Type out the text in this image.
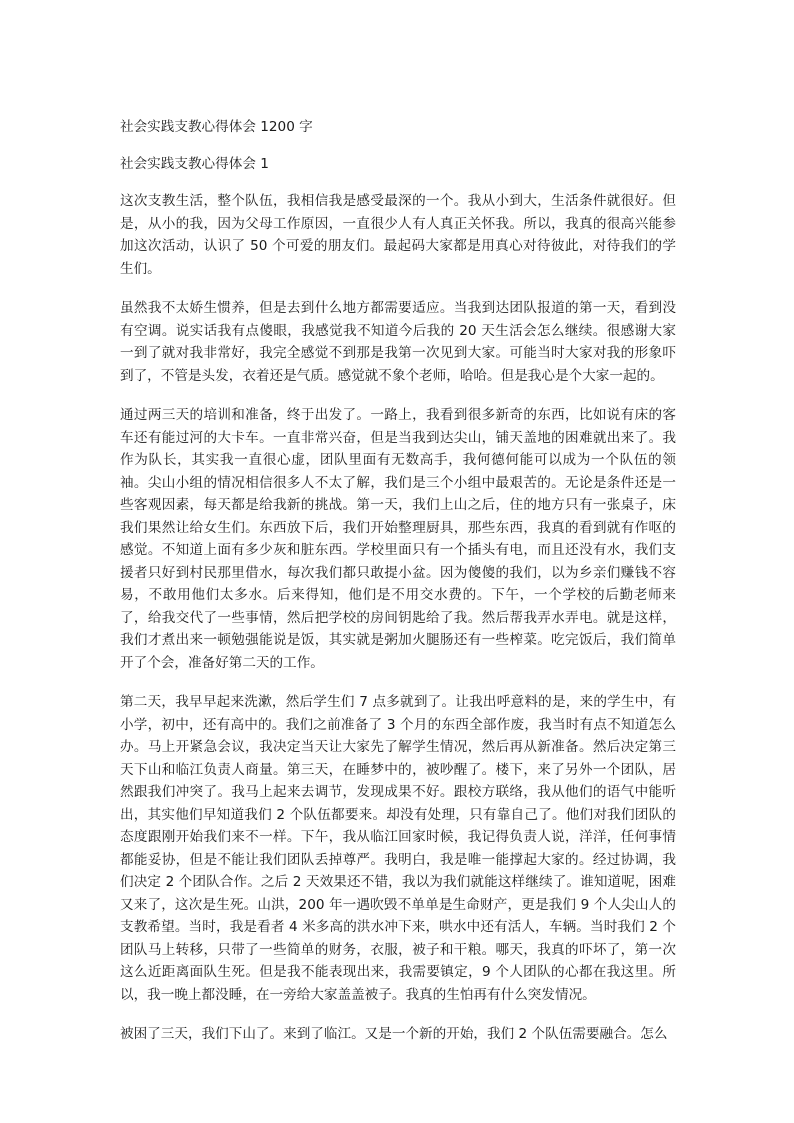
社会实践支教心得体会 1200 字
社会实践支教心得体会 1

这次支教生活，整个队伍，我相信我是感受最深的一个。我从小到大，生活条件就很好。但是，从小的我，因为父母工作原因，一直很少人有人真正关怀我。所以，我真的很高兴能参加这次活动，认识了 50 个可爱的朋友们。最起码大家都是用真心对待彼此，对待我们的学生们。

虽然我不太娇生惯养，但是去到什么地方都需要适应。当我到达团队报道的第一天，看到没有空调。说实话我有点傻眼，我感觉我不知道今后我的 20 天生活会怎么继续。很感谢大家一到了就对我非常好，我完全感觉不到那是我第一次见到大家。可能当时大家对我的形象吓到了，不管是头发，衣着还是气质。感觉就不象个老师，哈哈。但是我心是个大家一起的。

通过两三天的培训和准备，终于出发了。一路上，我看到很多新奇的东西，比如说有床的客车还有能过河的大卡车。一直非常兴奋，但是当我到达尖山，铺天盖地的困难就出来了。我作为队长，其实我一直很心虚，团队里面有无数高手，我何德何能可以成为一个队伍的领袖。尖山小组的情况相信很多人不太了解，我们是三个小组中最艰苦的。无论是条件还是一些客观因素，每天都是给我新的挑战。第一天，我们上山之后，住的地方只有一张桌子，床我们果然让给女生们。东西放下后，我们开始整理厨具，那些东西，我真的看到就有作呕的感觉。不知道上面有多少灰和脏东西。学校里面只有一个插头有电，而且还没有水，我们支援者只好到村民那里借水，每次我们都只敢提小盆。因为傻傻的我们，以为乡亲们赚钱不容易，不敢用他们太多水。后来得知，他们是不用交水费的。下午，一个学校的后勤老师来了，给我交代了一些事情，然后把学校的房间钥匙给了我。然后帮我弄水弄电。就是这样，我们才煮出来一顿勉强能说是饭，其实就是粥加火腿肠还有一些榨菜。吃完饭后，我们简单开了个会，准备好第二天的工作。

第二天，我早早起来洗漱，然后学生们 7 点多就到了。让我出呼意料的是，来的学生中，有小学，初中，还有高中的。我们之前准备了 3 个月的东西全部作废，我当时有点不知道怎么办。马上开紧急会议，我决定当天让大家先了解学生情况，然后再从新准备。然后决定第三天下山和临江负责人商量。第三天，在睡梦中的，被吵醒了。楼下，来了另外一个团队，居然跟我们冲突了。我马上起来去调节，发现成果不好。跟校方联络，我从他们的语气中能听出，其实他们早知道我们 2 个队伍都要来。却没有处理，只有靠自己了。他们对我们团队的态度跟刚开始我们来不一样。下午，我从临江回家时候，我记得负责人说，洋洋，任何事情都能妥协，但是不能让我们团队丢掉尊严。我明白，我是唯一能撑起大家的。经过协调，我们决定 2 个团队合作。之后 2 天效果还不错，我以为我们就能这样继续了。谁知道呢，困难又来了，这次是生死。山洪，200 年一遇吹毁不单单是生命财产，更是我们 9 个人尖山人的支教希望。当时，我是看者 4 米多高的洪水冲下来，哄水中还有活人，车辆。当时我们 2 个团队马上转移，只带了一些简单的财务，衣服，被子和干粮。哪天，我真的吓坏了，第一次这么近距离面队生死。但是我不能表现出来，我需要镇定，9 个人团队的心都在我这里。所以，我一晚上都没睡，在一旁给大家盖盖被子。我真的生怕再有什么突发情况。

被困了三天，我们下山了。来到了临江。又是一个新的开始，我们 2 个队伍需要融合。怎么
